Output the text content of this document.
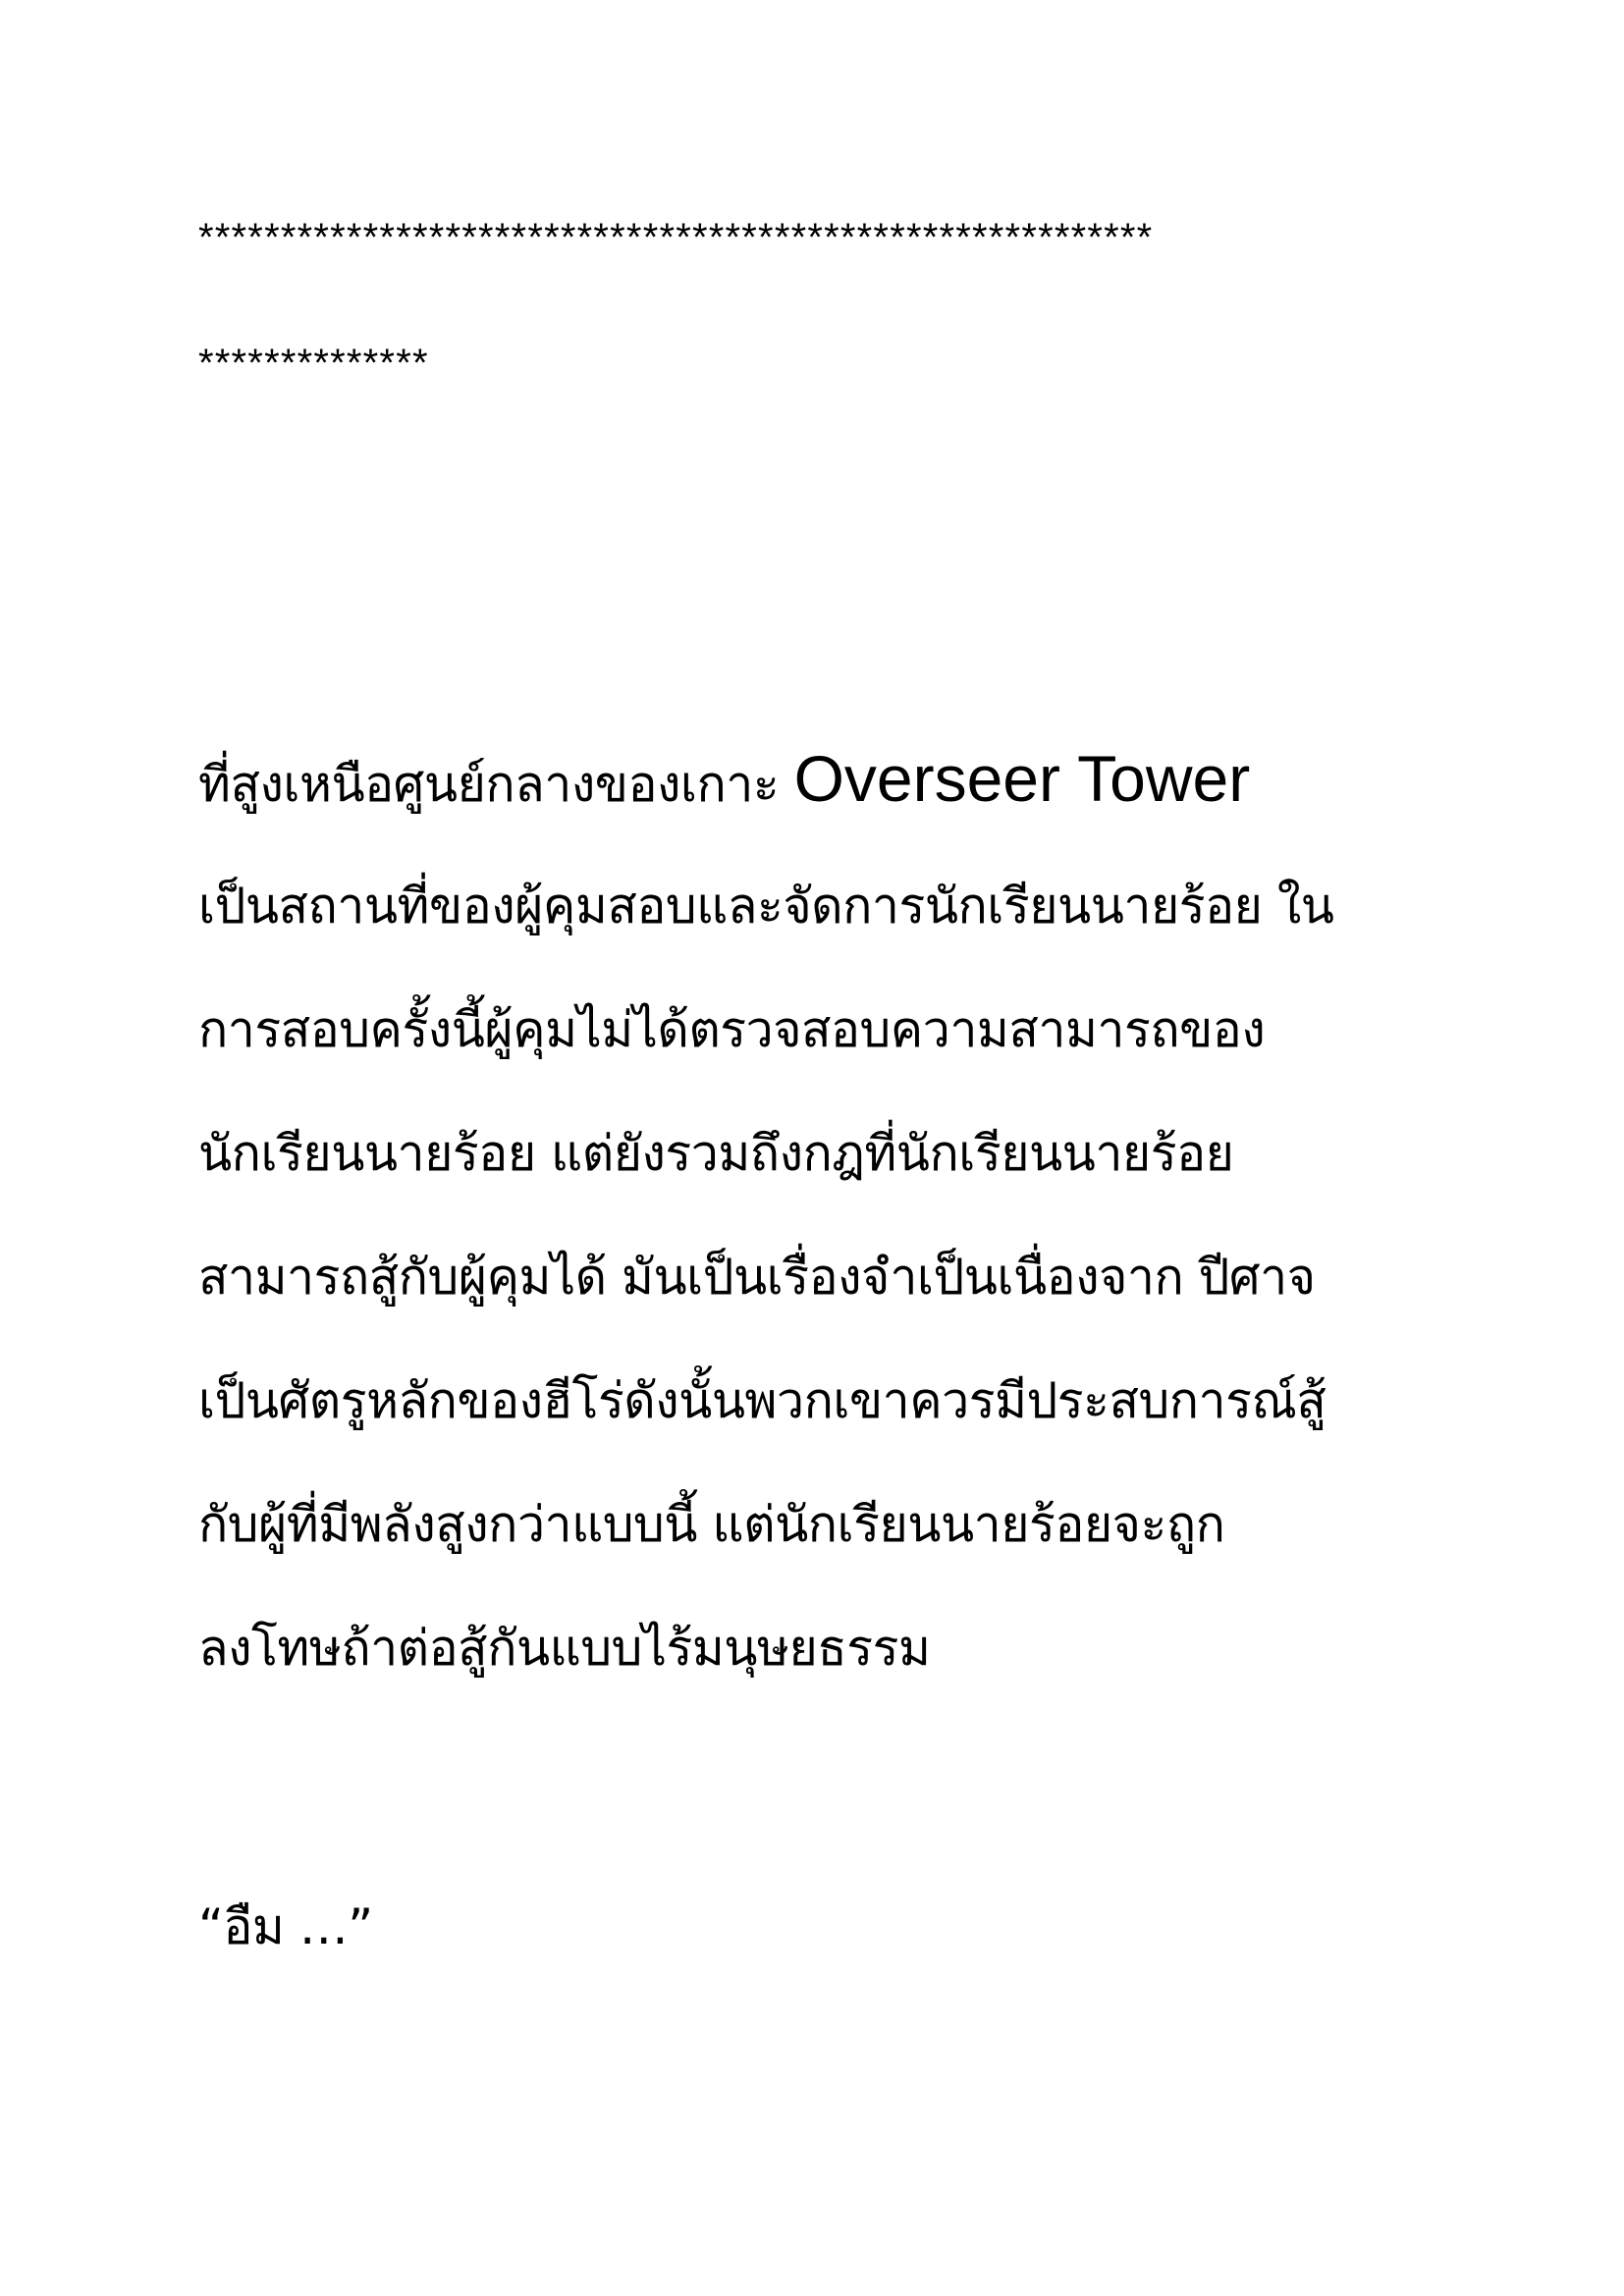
**********************************************************
**************
ที่สูงเหนือศูนย์กลางของเกาะ Overseer Tower
เป็นสถานที่ของผู้คุมสอบและจัดการนักเรียนนายร้อย ใน
การสอบครั้งนี้ผู้คุมไม่ได้ตรวจสอบความสามารถของ
นักเรียนนายร้อย แต่ยังรวมถึงกฎที่นักเรียนนายร้อย
สามารถสู้กับผู้คุมได้ มันเป็นเรื่องจำเป็นเนื่องจาก ปีศาจ
เป็นศัตรูหลักของฮีโร่ดังนั้นพวกเขาควรมีประสบการณ์สู้
กับผู้ที่มีพลังสูงกว่าแบบนี้ แต่นักเรียนนายร้อยจะถูก
ลงโทษถ้าต่อสู้กันแบบไร้มนุษยธรรม
“อืม …”
